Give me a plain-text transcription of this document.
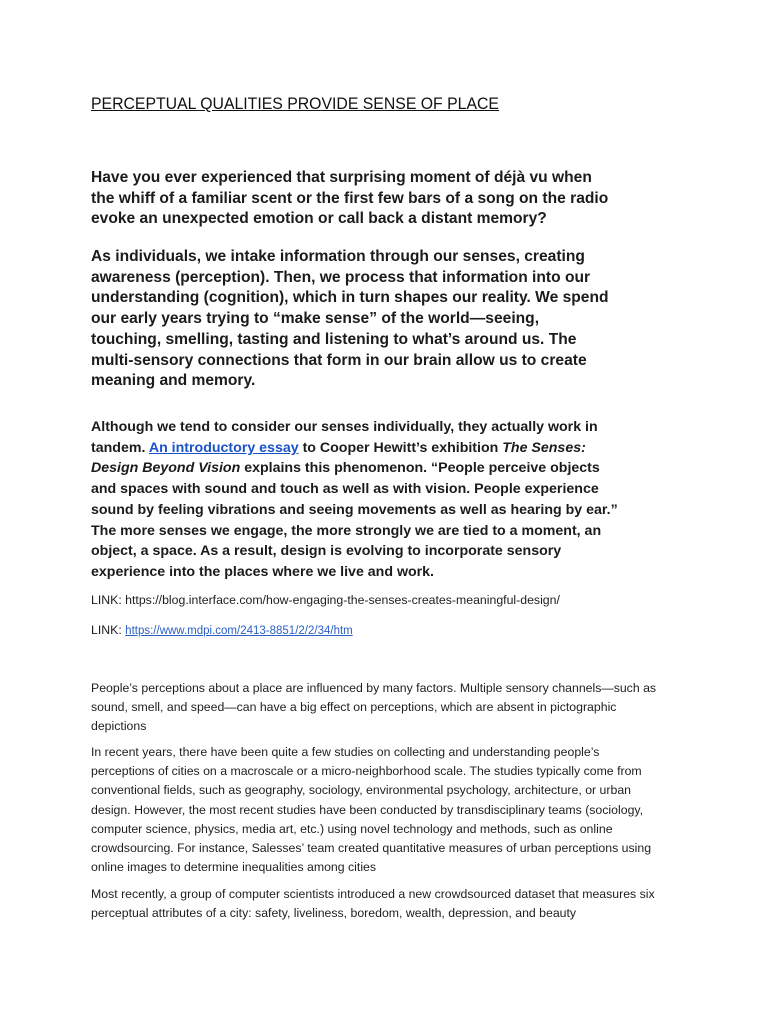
PERCEPTUAL QUALITIES PROVIDE SENSE OF PLACE
Have you ever experienced that surprising moment of déjà vu when
the whiff of a familiar scent or the first few bars of a song on the radio
evoke an unexpected emotion or call back a distant memory?
As individuals, we intake information through our senses, creating
awareness (perception). Then, we process that information into our
understanding (cognition), which in turn shapes our reality. We spend
our early years trying to “make sense” of the world—seeing,
touching, smelling, tasting and listening to what’s around us. The
multi-sensory connections that form in our brain allow us to create
meaning and memory.
Although we tend to consider our senses individually, they actually work in
tandem. An introductory essay to Cooper Hewitt’s exhibition The Senses:
Design Beyond Vision explains this phenomenon. “People perceive objects
and spaces with sound and touch as well as with vision. People experience
sound by feeling vibrations and seeing movements as well as hearing by ear.”
The more senses we engage, the more strongly we are tied to a moment, an
object, a space. As a result, design is evolving to incorporate sensory
experience into the places where we live and work.
LINK: https://blog.interface.com/how-engaging-the-senses-creates-meaningful-design/
LINK: https://www.mdpi.com/2413-8851/2/2/34/htm
People’s perceptions about a place are influenced by many factors. Multiple sensory channels—such as
sound, smell, and speed—can have a big effect on perceptions, which are absent in pictographic
depictions
In recent years, there have been quite a few studies on collecting and understanding people’s
perceptions of cities on a macroscale or a micro-neighborhood scale. The studies typically come from
conventional fields, such as geography, sociology, environmental psychology, architecture, or urban
design. However, the most recent studies have been conducted by transdisciplinary teams (sociology,
computer science, physics, media art, etc.) using novel technology and methods, such as online
crowdsourcing. For instance, Salesses’ team created quantitative measures of urban perceptions using
online images to determine inequalities among cities
Most recently, a group of computer scientists introduced a new crowdsourced dataset that measures six
perceptual attributes of a city: safety, liveliness, boredom, wealth, depression, and beauty
